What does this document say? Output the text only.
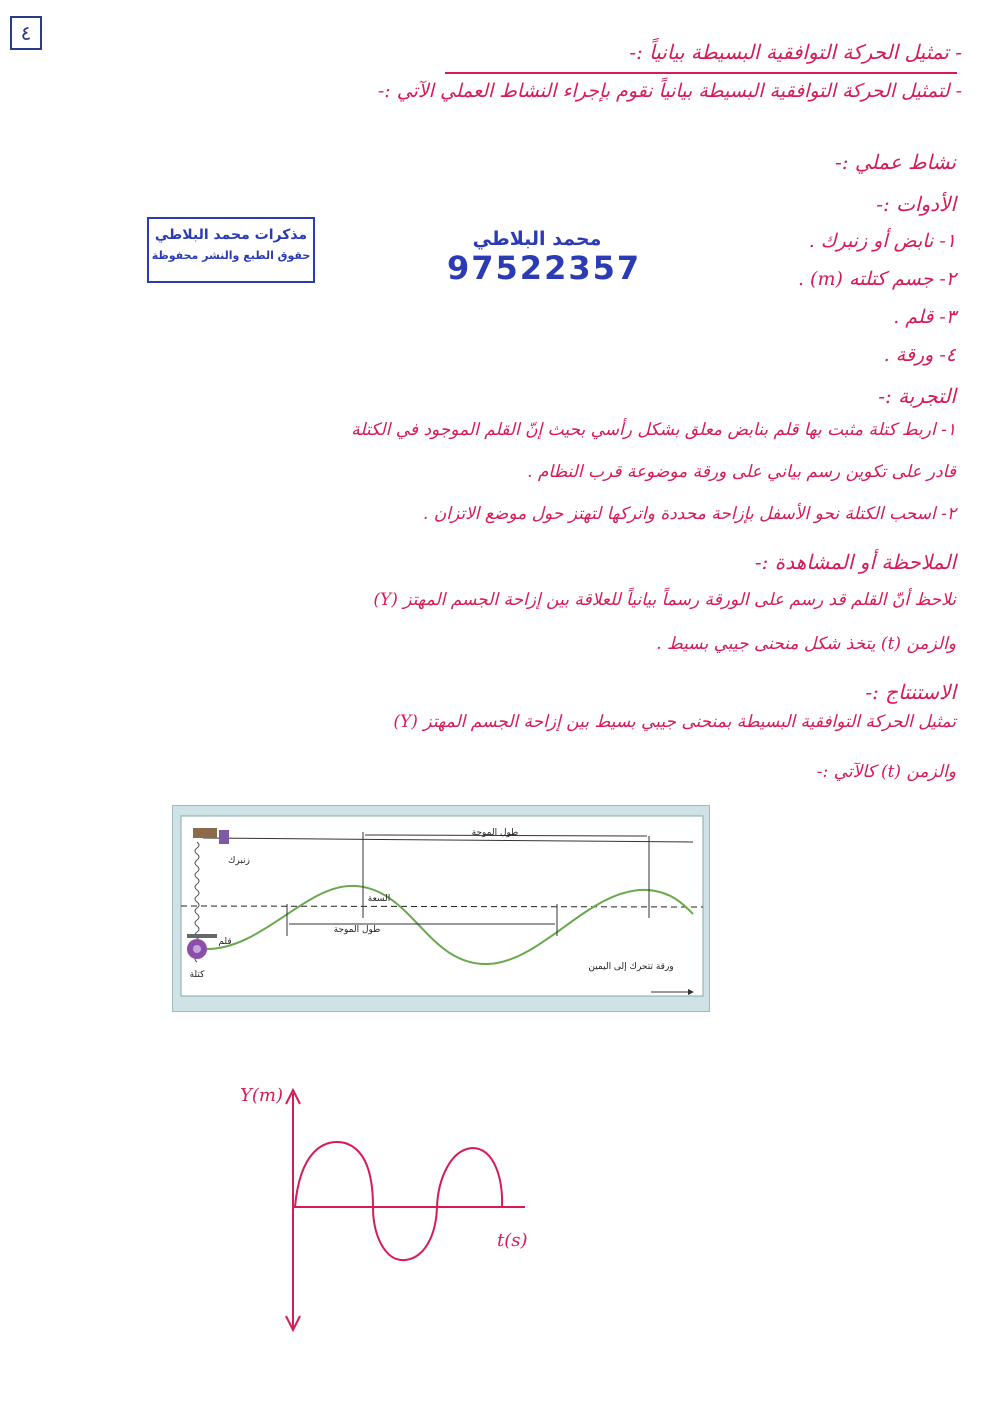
٤
- تمثيل الحركة التوافقية البسيطة بيانياً :-
- لتمثيل الحركة التوافقية البسيطة بيانياً نقوم بإجراء النشاط العملي الآتي :-
نشاط عملي :-
الأدوات :-
١- نابض أو زنبرك .
٢- جسم كتلته (m) .
٣- قلم .
٤- ورقة .
مذكرات محمد البلاطي
حقوق الطبع والنشر محفوظة
محمد البلاطي
97522357
التجربة :-
١- اربط كتلة مثبت بها قلم بنابض معلق بشكل رأسي بحيث إنّ القلم الموجود في الكتلة
قادر على تكوين رسم بياني على ورقة موضوعة قرب النظام .
٢- اسحب الكتلة نحو الأسفل بإزاحة محددة واتركها لتهتز حول موضع الاتزان .
الملاحظة أو المشاهدة :-
نلاحظ أنّ القلم قد رسم على الورقة رسماً بيانياً للعلاقة بين إزاحة الجسم المهتز (Y)
والزمن (t) يتخذ شكل منحنى جيبي بسيط .
الاستنتاج :-
تمثيل الحركة التوافقية البسيطة بمنحنى جيبي بسيط بين إزاحة الجسم المهتز (Y)
والزمن (t) كالآتي :-
طول الموجة
زنبرك
السعة
طول الموجة
قلم
كتلة
ورقة تتحرك إلى اليمين
Y(m)
t(s)
